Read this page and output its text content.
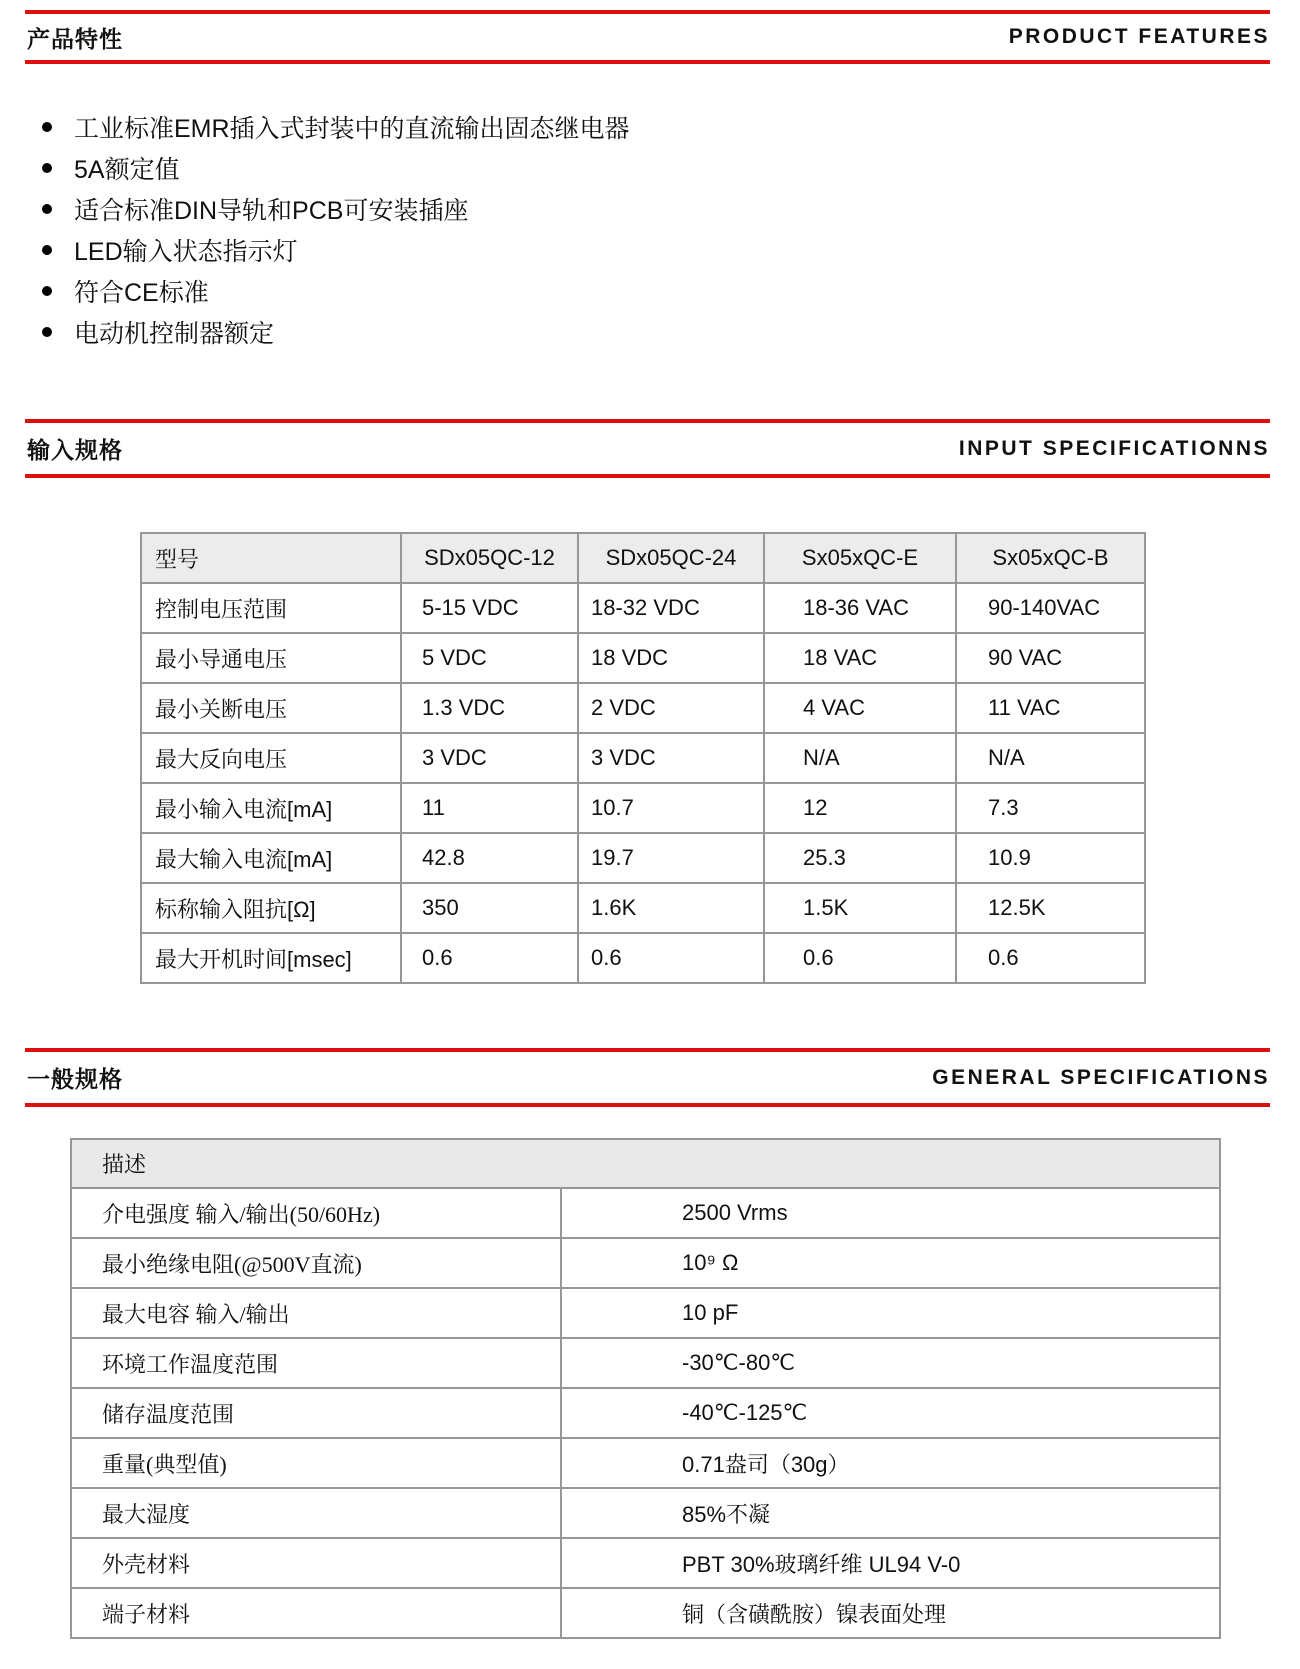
产品特性	PRODUCT FEATURES
工业标准EMR插入式封装中的直流输出固态继电器
5A额定值
适合标准DIN导轨和PCB可安装插座
LED输入状态指示灯
符合CE标准
电动机控制器额定
输入规格	INPUT SPECIFICATIONNS
型号	SDx05QC-12	SDx05QC-24	Sx05xQC-E	Sx05xQC-B
控制电压范围	5-15 VDC	18-32 VDC	18-36 VAC	90-140VAC
最小导通电压	5 VDC	18 VDC	18 VAC	90 VAC
最小关断电压	1.3 VDC	2 VDC	4 VAC	11 VAC
最大反向电压	3 VDC	3 VDC	N/A	N/A
最小输入电流[mA]	11	10.7	12	7.3
最大输入电流[mA]	42.8	19.7	25.3	10.9
标称输入阻抗[Ω]	350	1.6K	1.5K	12.5K
最大开机时间[msec]	0.6	0.6	0.6	0.6
一般规格	GENERAL SPECIFICATIONS
描述	
介电强度 输入/输出(50/60Hz)	2500 Vrms
最小绝缘电阻(@500V直流)	10⁹ Ω
最大电容 输入/输出	10 pF
环境工作温度范围	-30℃-80℃
储存温度范围	-40℃-125℃
重量(典型值)	0.71盎司（30g）
最大湿度	85%不凝
外壳材料	PBT 30%玻璃纤维 UL94 V-0
端子材料	铜（含磺酰胺）镍表面处理
